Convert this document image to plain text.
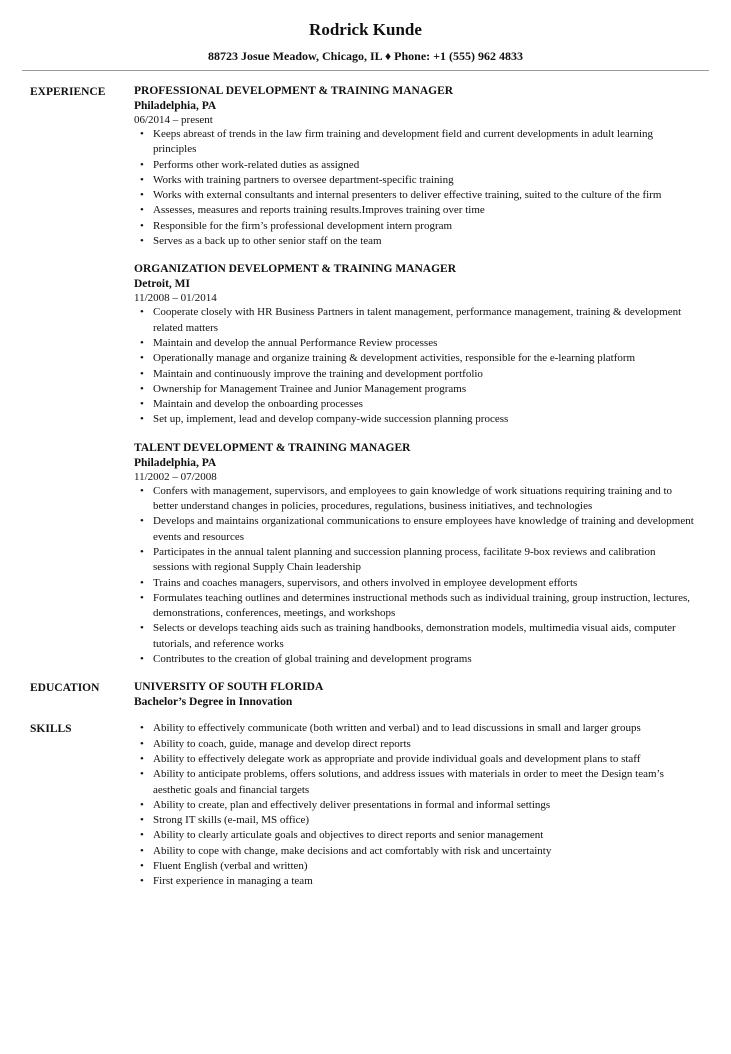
Rodrick Kunde
88723 Josue Meadow, Chicago, IL ♦ Phone: +1 (555) 962 4833
EXPERIENCE PROFESSIONAL DEVELOPMENT & TRAINING MANAGER
Philadelphia, PA
06/2014 – present
• Keeps abreast of trends in the law firm training and development field and current developments in adult learning principles
• Performs other work-related duties as assigned
• Works with training partners to oversee department-specific training
• Works with external consultants and internal presenters to deliver effective training, suited to the culture of the firm
• Assesses, measures and reports training results.Improves training over time
• Responsible for the firm’s professional development intern program
• Serves as a back up to other senior staff on the team
ORGANIZATION DEVELOPMENT & TRAINING MANAGER
Detroit, MI
11/2008 – 01/2014
• Cooperate closely with HR Business Partners in talent management, performance management, training & development related matters
• Maintain and develop the annual Performance Review processes
• Operationally manage and organize training & development activities, responsible for the e-learning platform
• Maintain and continuously improve the training and development portfolio
• Ownership for Management Trainee and Junior Management programs
• Maintain and develop the onboarding processes
• Set up, implement, lead and develop company-wide succession planning process
TALENT DEVELOPMENT & TRAINING MANAGER
Philadelphia, PA
11/2002 – 07/2008
• Confers with management, supervisors, and employees to gain knowledge of work situations requiring training and to better understand changes in policies, procedures, regulations, business initiatives, and technologies
• Develops and maintains organizational communications to ensure employees have knowledge of training and development events and resources
• Participates in the annual talent planning and succession planning process, facilitate 9-box reviews and calibration sessions with regional Supply Chain leadership
• Trains and coaches managers, supervisors, and others involved in employee development efforts
• Formulates teaching outlines and determines instructional methods such as individual training, group instruction, lectures, demonstrations, conferences, meetings, and workshops
• Selects or develops teaching aids such as training handbooks, demonstration models, multimedia visual aids, computer tutorials, and reference works
• Contributes to the creation of global training and development programs
EDUCATION	UNIVERSITY OF SOUTH FLORIDA
Bachelor’s Degree in Innovation
SKILLS
•	Ability to effectively communicate (both written and verbal) and to lead discussions in small and larger groups
• Ability to coach, guide, manage and develop direct reports
• Ability to effectively delegate work as appropriate and provide individual goals and development plans to staff
• Ability to anticipate problems, offers solutions, and address issues with materials in order to meet the Design team’s aesthetic goals and financial targets
• Ability to create, plan and effectively deliver presentations in formal and informal settings
• Strong IT skills (e-mail, MS office)
• Ability to clearly articulate goals and objectives to direct reports and senior management
• Ability to cope with change, make decisions and act comfortably with risk and uncertainty
• Fluent English (verbal and written)
• First experience in managing a team
